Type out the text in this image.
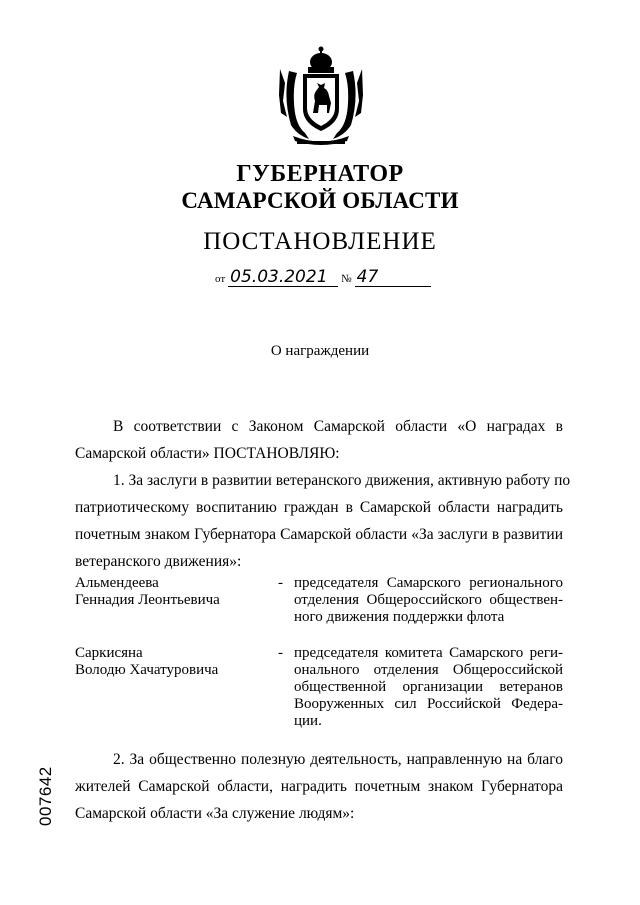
ГУБЕРНАТОР
САМАРСКОЙ ОБЛАСТИ
ПОСТАНОВЛЕНИЕ
от 05.03.2021 № 47
О награждении
В соответствии с Законом Самарской области «О наградах в
Самарской области» ПОСТАНОВЛЯЮ:
1. За заслуги в развитии ветеранского движения, активную работу по
патриотическому воспитанию граждан в Самарской области наградить
почетным знаком Губернатора Самарской области «За заслуги в развитии
ветеранского движения»:
Альмендеева
Геннадия Леонтьевича
- председателя Самарского регионального
отделения Общероссийского обществен-
ного движения поддержки флота
Саркисяна
Володю Хачатуровича
- председателя комитета Самарского реги-
онального отделения Общероссийской
общественной организации ветеранов
Вооруженных сил Российской Федера-
ции.
2. За общественно полезную деятельность, направленную на благо
жителей Самарской области, наградить почетным знаком Губернатора
Самарской области «За служение людям»:
007642
